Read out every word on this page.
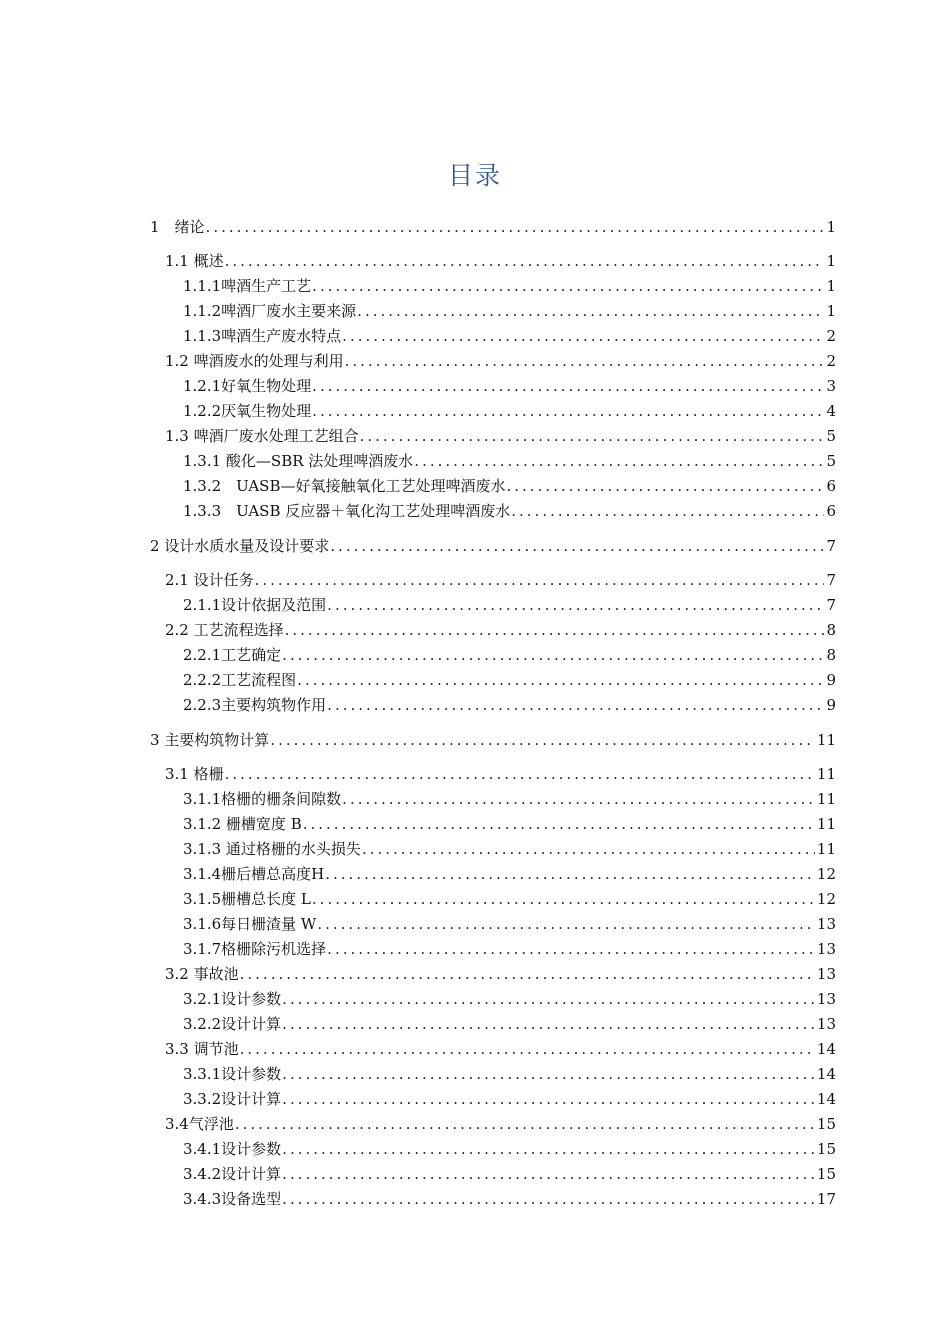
目录
1　绪论 .....	1
1.1 概述 .....	1
1.1.1啤酒生产工艺 .....	1
1.1.2啤酒厂废水主要来源 .....	1
1.1.3啤酒生产废水特点 .....	2
1.2 啤酒废水的处理与利用 .....	2
1.2.1好氧生物处理 .....	3
1.2.2厌氧生物处理 .....	4
1.3 啤酒厂废水处理工艺组合 .....	5
1.3.1 酸化—SBR 法处理啤酒废水 .....	5
1.3.2　UASB—好氧接触氧化工艺处理啤酒废水 .....	6
1.3.3　UASB 反应器＋氧化沟工艺处理啤酒废水 .....	6
2 设计水质水量及设计要求 .....	7
2.1 设计任务 .....	7
2.1.1设计依据及范围 .....	7
2.2 工艺流程选择 .....	8
2.2.1工艺确定 .....	8
2.2.2工艺流程图 .....	9
2.2.3主要构筑物作用 .....	9
3 主要构筑物计算 .....	11
3.1 格栅 .....	11
3.1.1格栅的栅条间隙数 .....	11
3.1.2 栅槽宽度 B .....	11
3.1.3 通过格栅的水头损失 .....	11
3.1.4栅后槽总高度H .....	12
3.1.5栅槽总长度 L .....	12
3.1.6每日栅渣量 W .....	13
3.1.7格栅除污机选择 .....	13
3.2 事故池 .....	13
3.2.1设计参数 .....	13
3.2.2设计计算 .....	13
3.3 调节池 .....	14
3.3.1设计参数 .....	14
3.3.2设计计算 .....	14
3.4气浮池 .....	15
3.4.1设计参数 .....	15
3.4.2设计计算 .....	15
3.4.3设备选型 .....	17
